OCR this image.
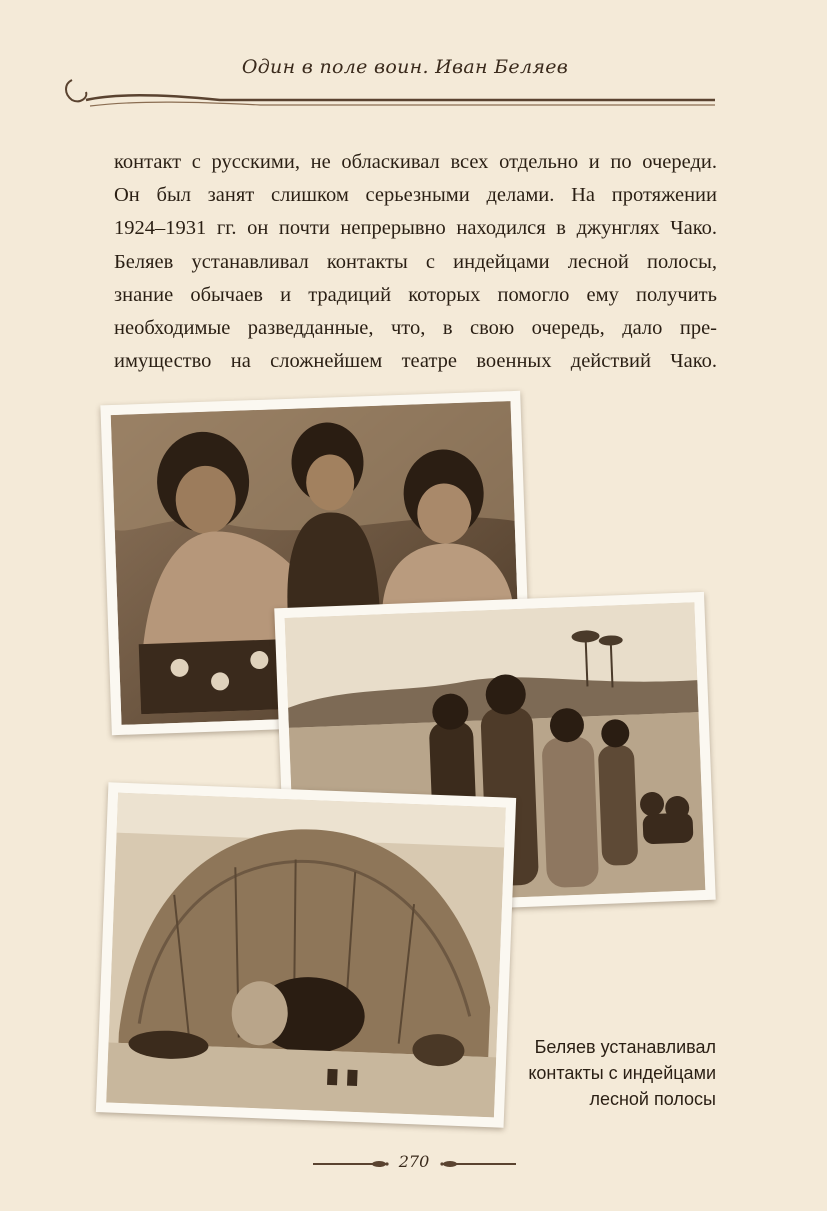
Один в поле воин. Иван Беляев
контакт с русскими, не обласкивал всех отдельно и по очереди.
Он был занят слишком серьезными делами. На протяжении
1924–1931 гг. он почти непрерывно находился в джунглях Чако.
Беляев устанавливал контакты с индейцами лесной полосы,
знание обычаев и традиций которых помогло ему получить
необходимые разведданные, что, в свою очередь, дало пре-
имущество на сложнейшем театре военных действий Чако.
Беляев устанавливал
контакты с индейцами
лесной полосы
270
